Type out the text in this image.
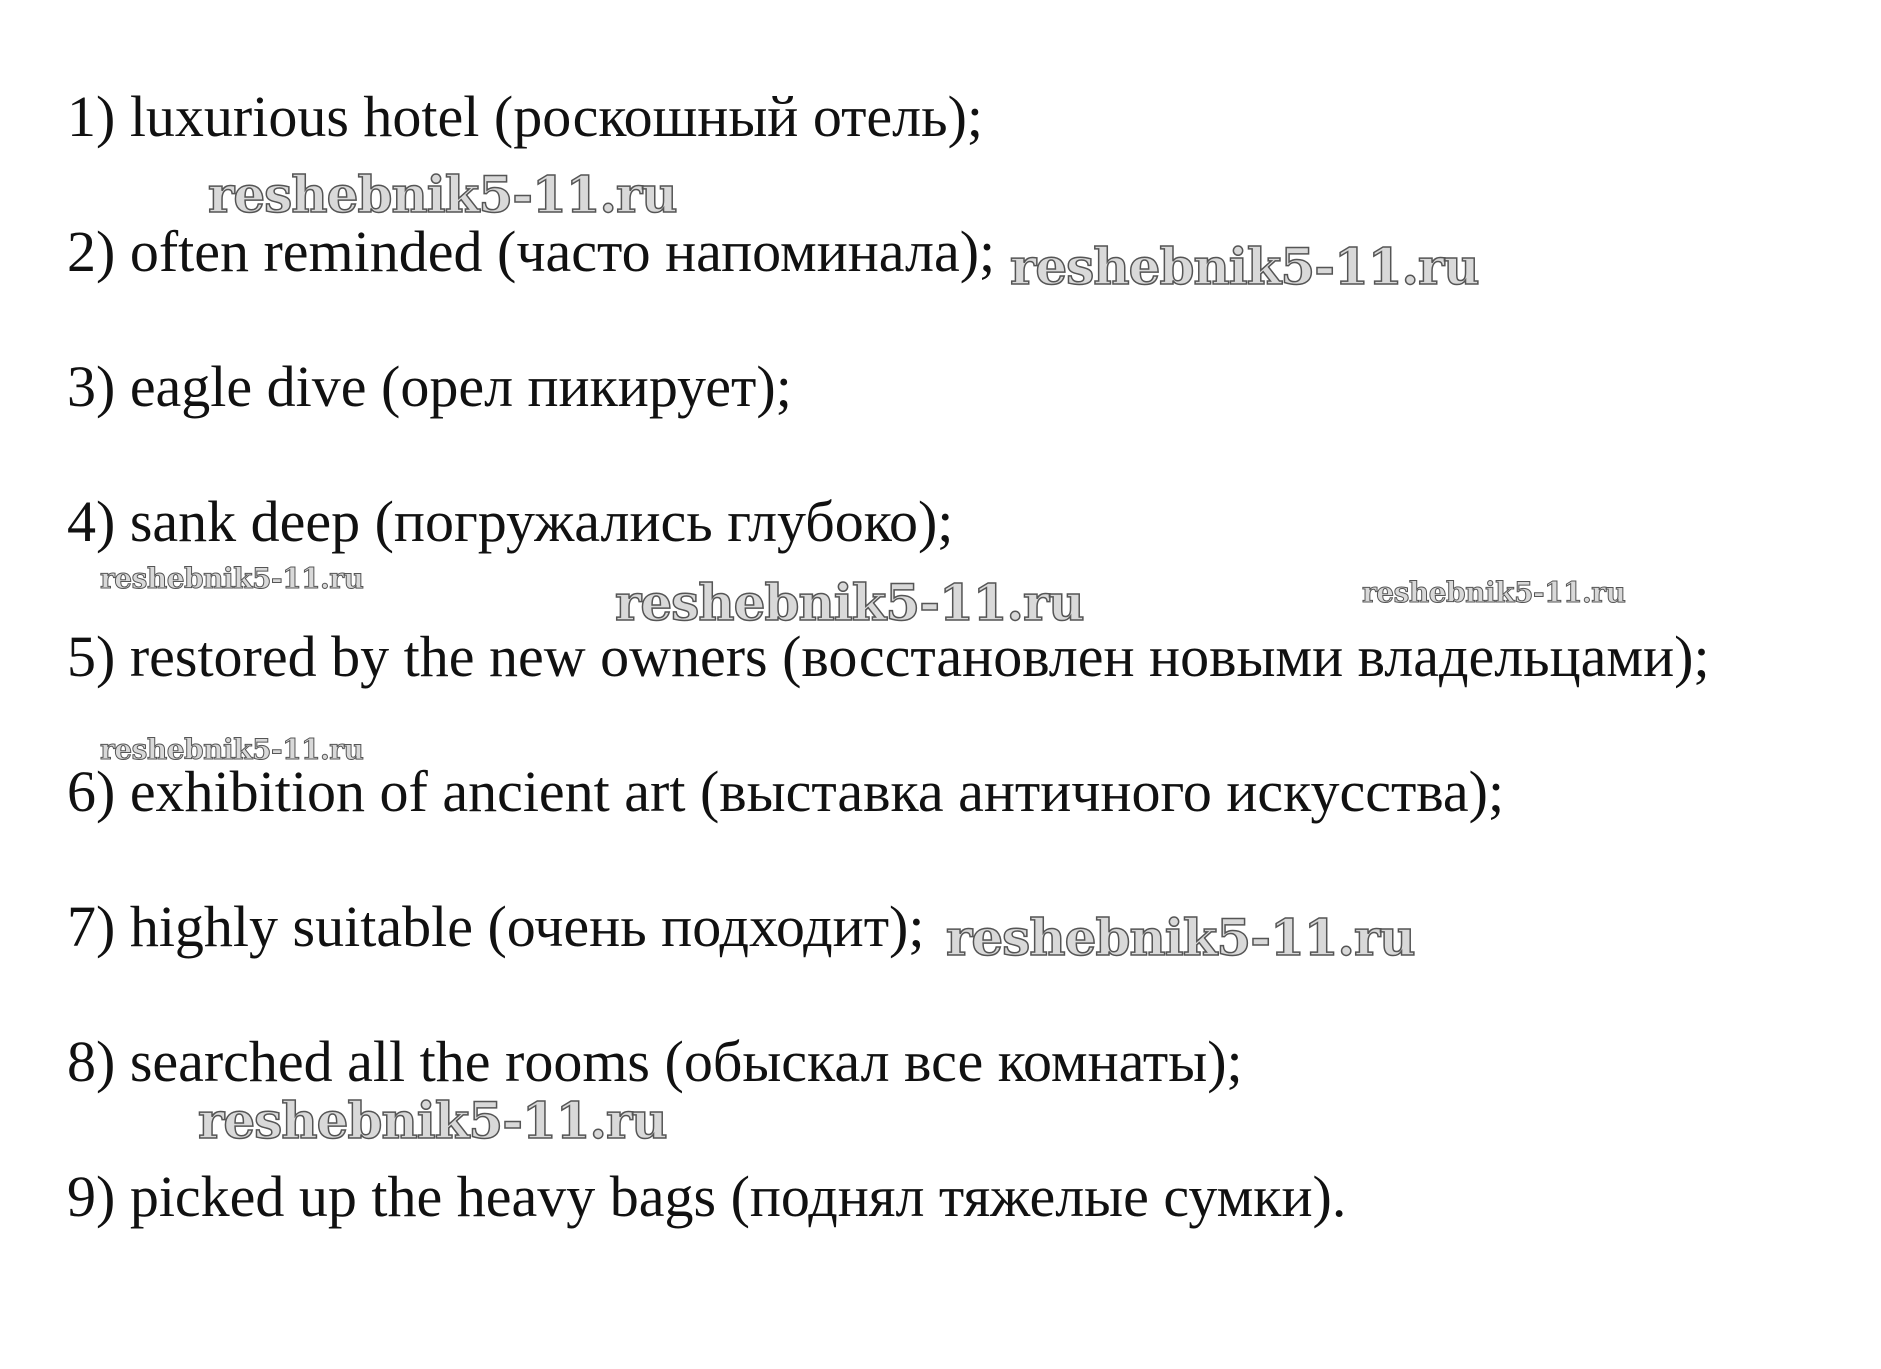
1) luxurious hotel (роскошный отель);

2) often reminded (часто напоминала);

3) eagle dive (орел пикирует);

4) sank deep (погружались глубоко);

5) restored by the new owners (восстановлен новыми владельцами);

6) exhibition of ancient art (выставка античного искусства);

7) highly suitable (очень подходит);

8) searched all the rooms (обыскал все комнаты);

9) picked up the heavy bags (поднял тяжелые сумки).

reshebnik5-11.ru
reshebnik5-11.ru
reshebnik5-11.ru	reshebnik5-11.ru	reshebnik5-11.ru
reshebnik5-11.ru
reshebnik5-11.ru
reshebnik5-11.ru
